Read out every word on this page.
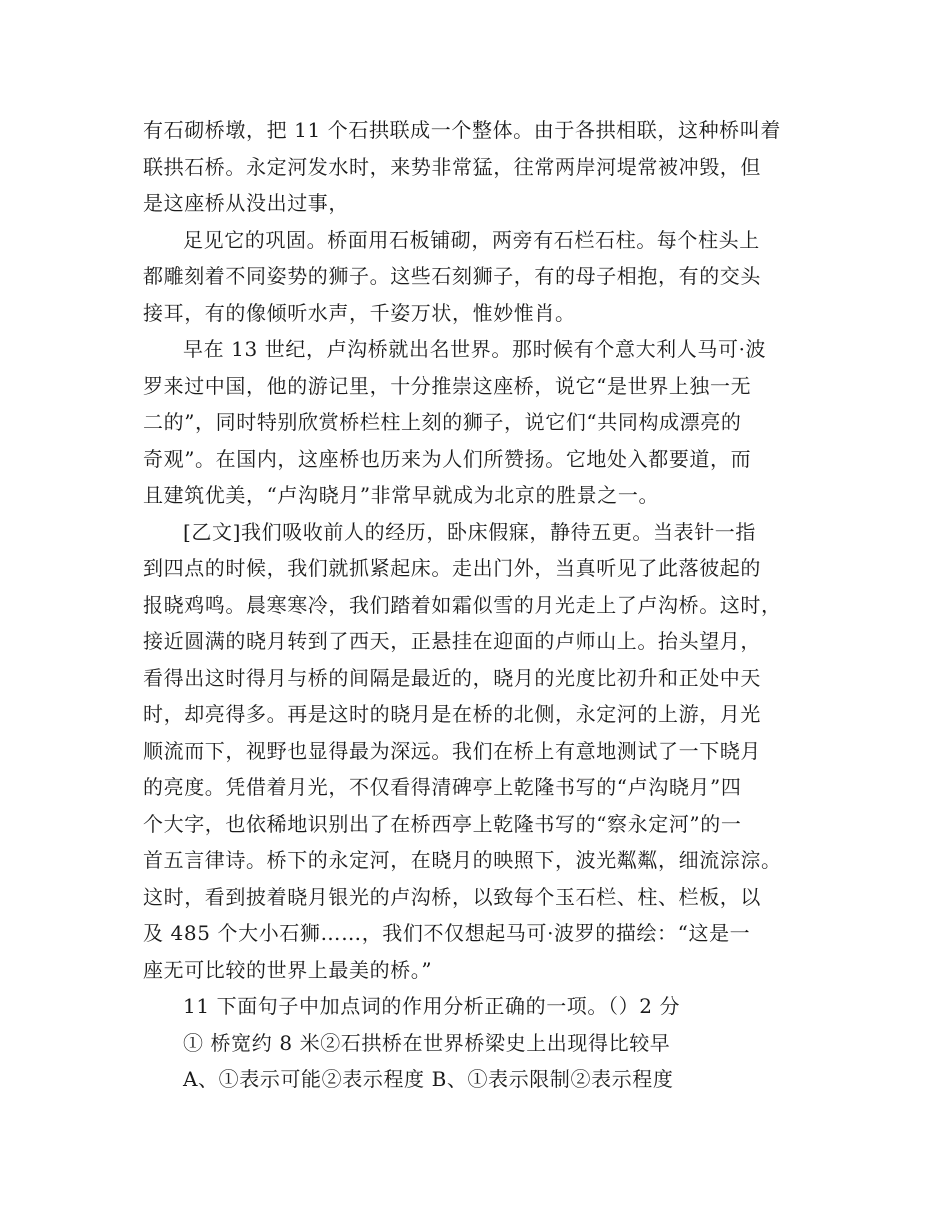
有石砌桥墩，把 11 个石拱联成一个整体。由于各拱相联，这种桥叫着
联拱石桥。永定河发水时，来势非常猛，往常两岸河堤常被冲毁，但
是这座桥从没出过事，
足见它的巩固。桥面用石板铺砌，两旁有石栏石柱。每个柱头上
都雕刻着不同姿势的狮子。这些石刻狮子，有的母子相抱，有的交头
接耳，有的像倾听水声，千姿万状，惟妙惟肖。
早在 13 世纪，卢沟桥就出名世界。那时候有个意大利人马可·波
罗来过中国，他的游记里，十分推崇这座桥，说它“是世界上独一无
二的”，同时特别欣赏桥栏柱上刻的狮子，说它们“共同构成漂亮的
奇观”。在国内，这座桥也历来为人们所赞扬。它地处入都要道，而
且建筑优美，“卢沟晓月”非常早就成为北京的胜景之一。
[乙文]我们吸收前人的经历，卧床假寐，静待五更。当表针一指
到四点的时候，我们就抓紧起床。走出门外，当真听见了此落彼起的
报晓鸡鸣。晨寒寒冷，我们踏着如霜似雪的月光走上了卢沟桥。这时，
接近圆满的晓月转到了西天，正悬挂在迎面的卢师山上。抬头望月，
看得出这时得月与桥的间隔是最近的，晓月的光度比初升和正处中天
时，却亮得多。再是这时的晓月是在桥的北侧，永定河的上游，月光
顺流而下，视野也显得最为深远。我们在桥上有意地测试了一下晓月
的亮度。凭借着月光，不仅看得清碑亭上乾隆书写的“卢沟晓月”四
个大字，也依稀地识别出了在桥西亭上乾隆书写的“察永定河”的一
首五言律诗。桥下的永定河，在晓月的映照下，波光粼粼，细流淙淙。
这时，看到披着晓月银光的卢沟桥，以致每个玉石栏、柱、栏板，以
及 485 个大小石狮……，我们不仅想起马可·波罗的描绘：“这是一
座无可比较的世界上最美的桥。”
11 下面句子中加点词的作用分析正确的一项。（）2 分
① 桥宽约 8 米②石拱桥在世界桥梁史上出现得比较早
A、①表示可能②表示程度 B、①表示限制②表示程度
